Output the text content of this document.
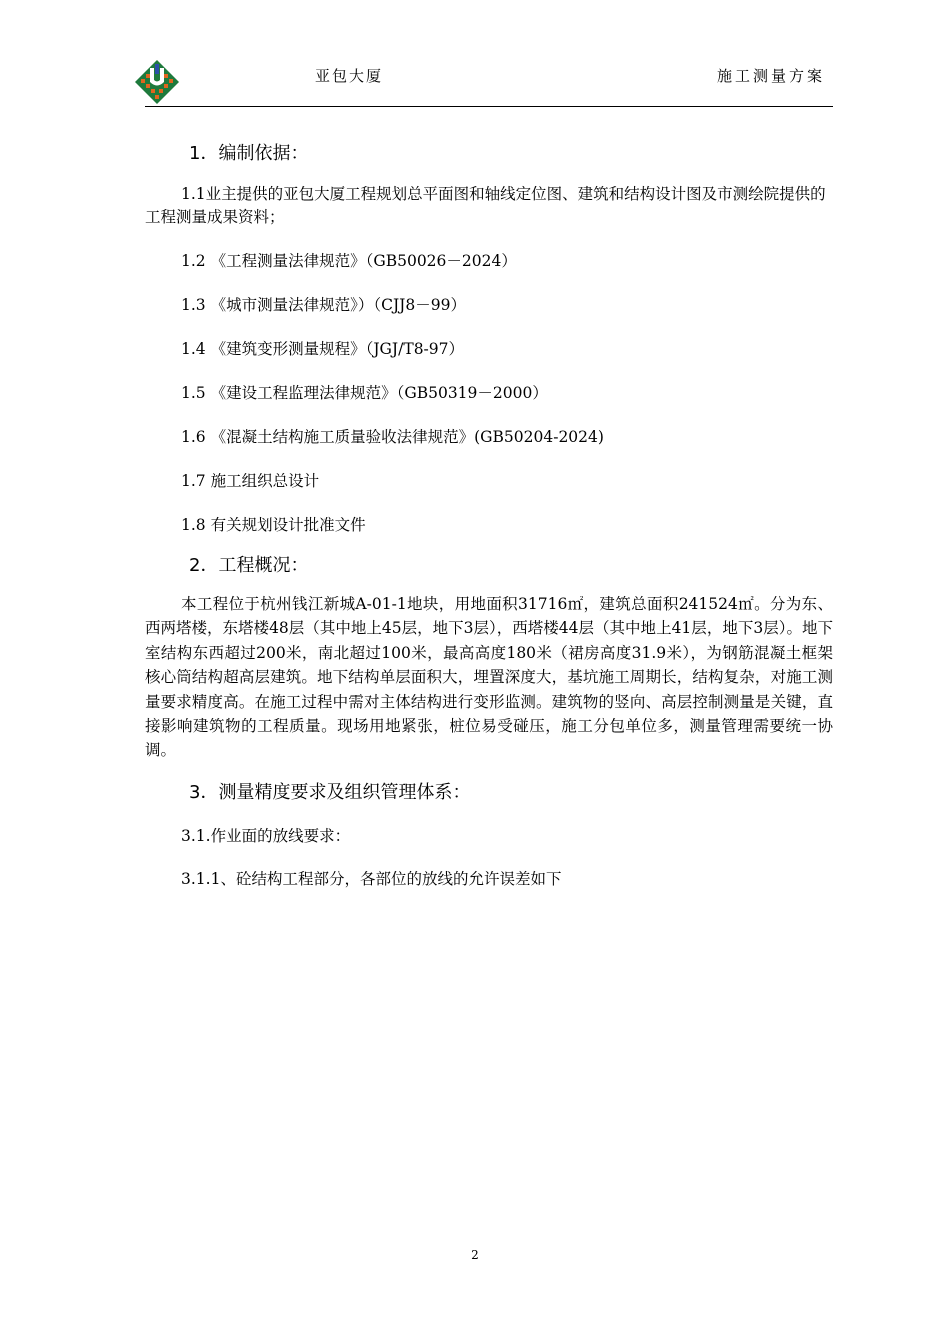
亚包大厦	施工测量方案
1．编制依据：

1.1业主提供的亚包大厦工程规划总平面图和轴线定位图、建筑和结构设计图及市测绘院提供的工程测量成果资料；

1.2 《工程测量法律规范》（GB50026－2024）

1.3 《城市测量法律规范》）（CJJ8－99）

1.4 《建筑变形测量规程》（JGJ/T8-97）

1.5 《建设工程监理法律规范》（GB50319－2000）

1.6 《混凝土结构施工质量验收法律规范》(GB50204-2024)

1.7 施工组织总设计

1.8 有关规划设计批准文件

2．工程概况：

本工程位于杭州钱江新城A-01-1地块，用地面积31716㎡，建筑总面积241524㎡。分为东、西两塔楼，东塔楼48层（其中地上45层，地下3层），西塔楼44层（其中地上41层，地下3层）。地下室结构东西超过200米，南北超过100米，最高高度180米（裙房高度31.9米），为钢筋混凝土框架核心筒结构超高层建筑。地下结构单层面积大，埋置深度大，基坑施工周期长，结构复杂，对施工测量要求精度高。在施工过程中需对主体结构进行变形监测。建筑物的竖向、高层控制测量是关键，直接影响建筑物的工程质量。现场用地紧张，桩位易受碰压，施工分包单位多，测量管理需要统一协调。

3．测量精度要求及组织管理体系：

3.1.作业面的放线要求：

3.1.1、砼结构工程部分，各部位的放线的允许误差如下

2
